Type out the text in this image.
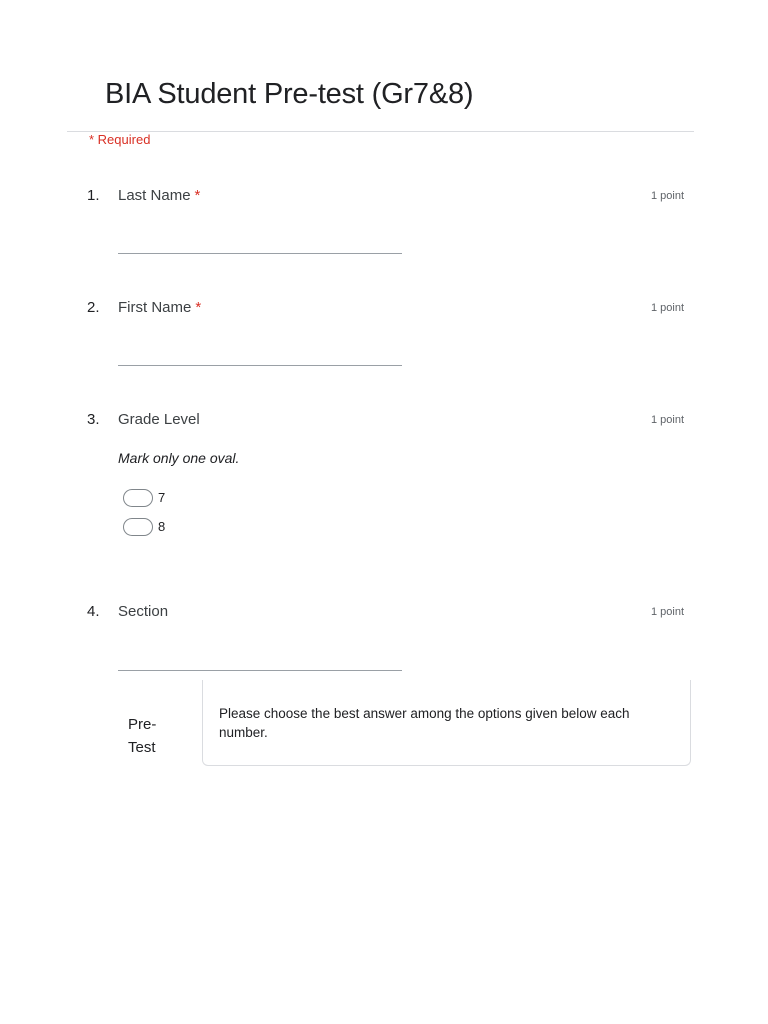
BIA Student Pre-test (Gr7&8)
* Required
1. Last Name *	1 point
2. First Name *	1 point
3. Grade Level	1 point
Mark only one oval.
7
8
4. Section	1 point
Pre-Test
Please choose the best answer among the options given below each number.
